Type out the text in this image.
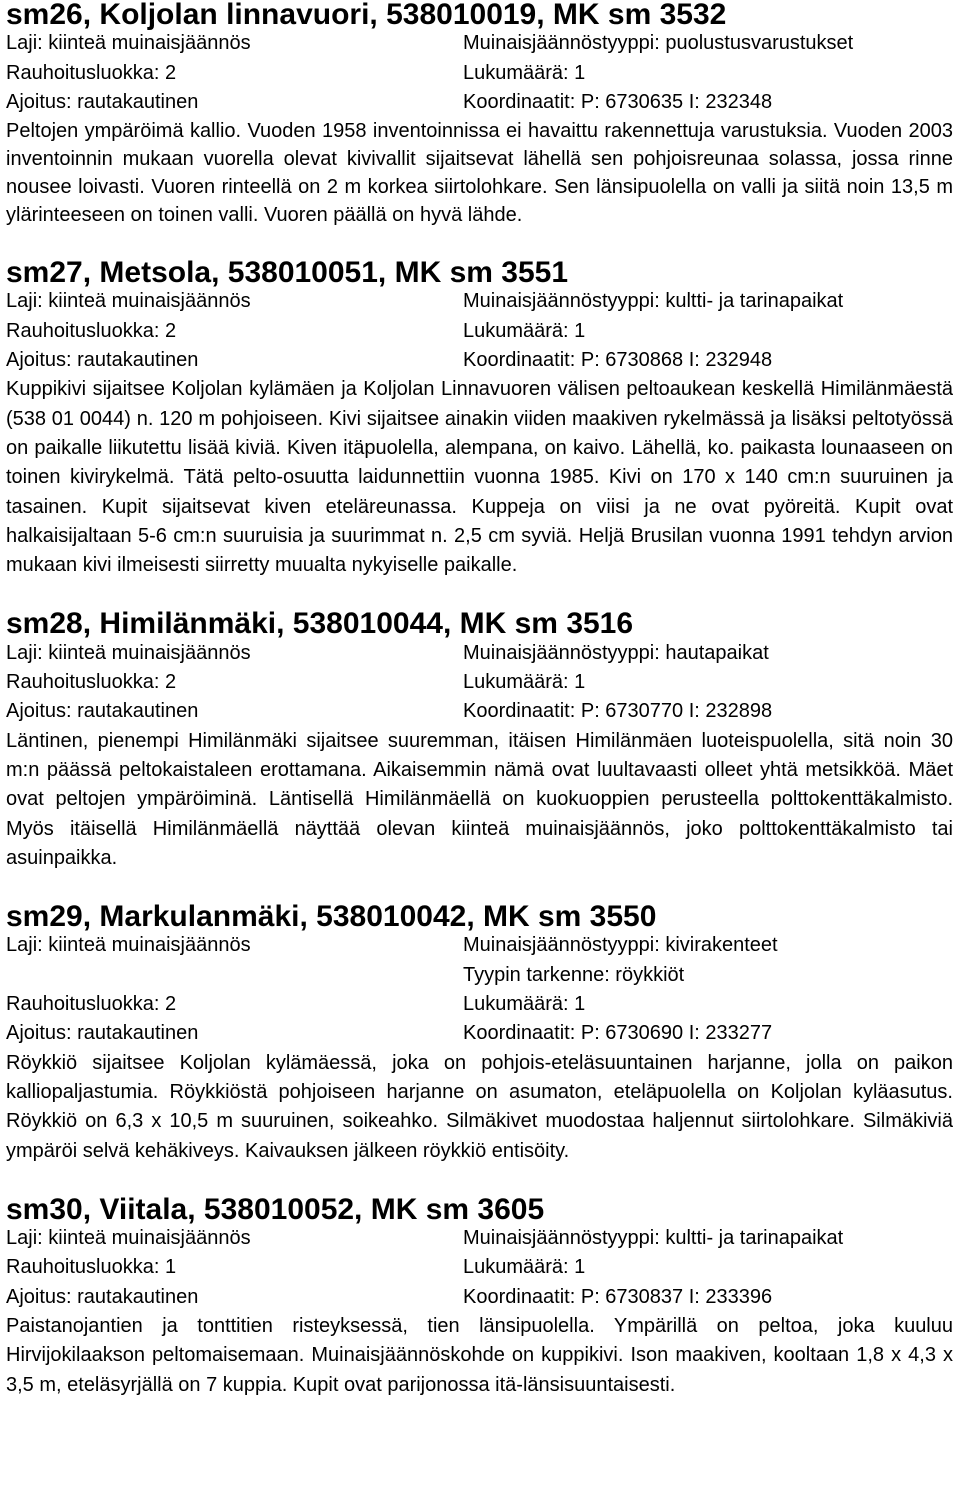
sm26, Koljolan linnavuori, 538010019, MK sm 3532
Laji: kiinteä muinaisjäännös	Muinaisjäännöstyyppi: puolustusvarustukset
Rauhoitusluokka: 2	Lukumäärä: 1
Ajoitus: rautakautinen	Koordinaatit: P: 6730635 I: 232348

Peltojen ympäröimä kallio. Vuoden 1958 inventoinnissa ei havaittu rakennettuja varustuksia. Vuoden 2003 inventoinnin mukaan vuorella olevat kivivallit sijaitsevat lähellä sen pohjoisreunaa solassa, jossa rinne nousee loivasti. Vuoren rinteellä on 2 m korkea siirtolohkare. Sen länsipuolella on valli ja siitä noin 13,5 m ylärinteeseen on toinen valli. Vuoren päällä on hyvä lähde.

sm27, Metsola, 538010051, MK sm 3551
Laji: kiinteä muinaisjäännös	Muinaisjäännöstyyppi: kultti- ja tarinapaikat
Rauhoitusluokka: 2	Lukumäärä: 1
Ajoitus: rautakautinen	Koordinaatit: P: 6730868 I: 232948

Kuppikivi sijaitsee Koljolan kylämäen ja Koljolan Linnavuoren välisen peltoaukean keskellä Himilänmäestä (538 01 0044) n. 120 m pohjoiseen. Kivi sijaitsee ainakin viiden maakiven rykelmässä ja lisäksi peltotyössä on paikalle liikutettu lisää kiviä. Kiven itäpuolella, alempana, on kaivo. Lähellä, ko. paikasta lounaaseen on toinen kivirykelmä. Tätä pelto-osuutta laidunnettiin vuonna 1985. Kivi on 170 x 140 cm:n suuruinen ja tasainen. Kupit sijaitsevat kiven eteläreunassa. Kuppeja on viisi ja ne ovat pyöreitä. Kupit ovat halkaisijaltaan 5-6 cm:n suuruisia ja suurimmat n. 2,5 cm syviä. Heljä Brusilan vuonna 1991 tehdyn arvion mukaan kivi ilmeisesti siirretty muualta nykyiselle paikalle.

sm28, Himilänmäki, 538010044, MK sm 3516
Laji: kiinteä muinaisjäännös	Muinaisjäännöstyyppi: hautapaikat
Rauhoitusluokka: 2	Lukumäärä: 1
Ajoitus: rautakautinen	Koordinaatit: P: 6730770 I: 232898

Läntinen, pienempi Himilänmäki sijaitsee suuremman, itäisen Himilänmäen luoteispuolella, sitä noin 30 m:n päässä peltokaistaleen erottamana. Aikaisemmin nämä ovat luultavaasti olleet yhtä metsikköä. Mäet ovat peltojen ympäröiminä. Läntisellä Himilänmäellä on kuokuoppien perusteella polttokenttäkalmisto. Myös itäisellä Himilänmäellä näyttää olevan kiinteä muinaisjäännös, joko polttokenttäkalmisto tai asuinpaikka.

sm29, Markulanmäki, 538010042, MK sm 3550
Laji: kiinteä muinaisjäännös	Muinaisjäännöstyyppi: kivirakenteet
Tyypin tarkenne: röykkiöt
Rauhoitusluokka: 2	Lukumäärä: 1
Ajoitus: rautakautinen	Koordinaatit: P: 6730690 I: 233277

Röykkiö sijaitsee Koljolan kylämäessä, joka on pohjois-eteläsuuntainen harjanne, jolla on paikon kalliopaljastumia. Röykkiöstä pohjoiseen harjanne on asumaton, eteläpuolella on Koljolan kyläasutus. Röykkiö on 6,3 x 10,5 m suuruinen, soikeahko. Silmäkivet muodostaa haljennut siirtolohkare. Silmäkiviä ympäröi selvä kehäkiveys. Kaivauksen jälkeen röykkiö entisöity.

sm30, Viitala, 538010052, MK sm 3605
Laji: kiinteä muinaisjäännös	Muinaisjäännöstyyppi: kultti- ja tarinapaikat
Rauhoitusluokka: 1	Lukumäärä: 1
Ajoitus: rautakautinen	Koordinaatit: P: 6730837 I: 233396

Paistanojantien ja tonttitien risteyksessä, tien länsipuolella. Ympärillä on peltoa, joka kuuluu Hirvijokilaakson peltomaisemaan. Muinaisjäännöskohde on kuppikivi. Ison maakiven, kooltaan 1,8 x 4,3 x 3,5 m, eteläsyrjällä on 7 kuppia. Kupit ovat parijonossa itä-länsisuuntaisesti.
